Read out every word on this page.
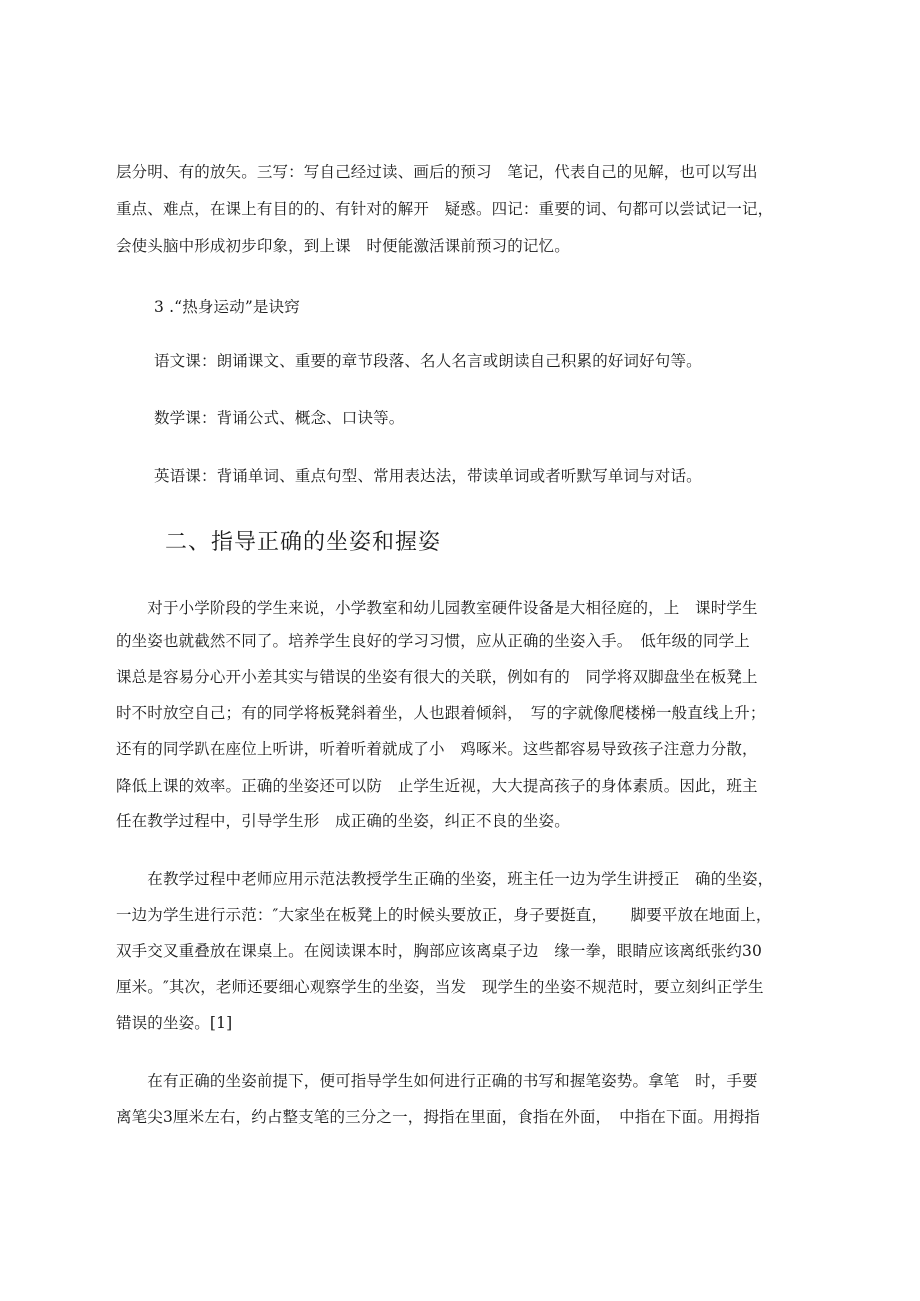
层分明、有的放矢。三写：写自己经过读、画后的预习　笔记，代表自己的见解，也可以写出
重点、难点，在课上有目的的、有针对的解开　疑惑。四记：重要的词、句都可以尝试记一记，
会使头脑中形成初步印象，到上课　时便能激活课前预习的记忆。
3 .“热身运动”是诀窍
语文课：朗诵课文、重要的章节段落、名人名言或朗读自己积累的好词好句等。
数学课：背诵公式、概念、口诀等。
英语课：背诵单词、重点句型、常用表达法，带读单词或者听默写单词与对话。
二、指导正确的坐姿和握姿
　　对于小学阶段的学生来说，小学教室和幼儿园教室硬件设备是大相径庭的，上　课时学生
的坐姿也就截然不同了。培养学生良好的学习习惯，应从正确的坐姿入手。　低年级的同学上
课总是容易分心开小差其实与错误的坐姿有很大的关联，例如有的　同学将双脚盘坐在板凳上
时不时放空自己；有的同学将板凳斜着坐，人也跟着倾斜，　写的字就像爬楼梯一般直线上升；
还有的同学趴在座位上听讲，听着听着就成了小　鸡啄米。这些都容易导致孩子注意力分散，
降低上课的效率。正确的坐姿还可以防　止学生近视，大大提高孩子的身体素质。因此，班主
任在教学过程中，引导学生形　成正确的坐姿，纠正不良的坐姿。
　　在教学过程中老师应用示范法教授学生正确的坐姿，班主任一边为学生讲授正　确的坐姿，
一边为学生进行示范：″大家坐在板凳上的时候头要放正，身子要挺直，　　脚要平放在地面上，
双手交叉重叠放在课桌上。在阅读课本时，胸部应该离桌子边　缘一拳，眼睛应该离纸张约30
厘米。″其次，老师还要细心观察学生的坐姿，当发　现学生的坐姿不规范时，要立刻纠正学生
错误的坐姿。[1]
　　在有正确的坐姿前提下，便可指导学生如何进行正确的书写和握笔姿势。拿笔　时，手要
离笔尖3厘米左右，约占整支笔的三分之一，拇指在里面，食指在外面，　中指在下面。用拇指
